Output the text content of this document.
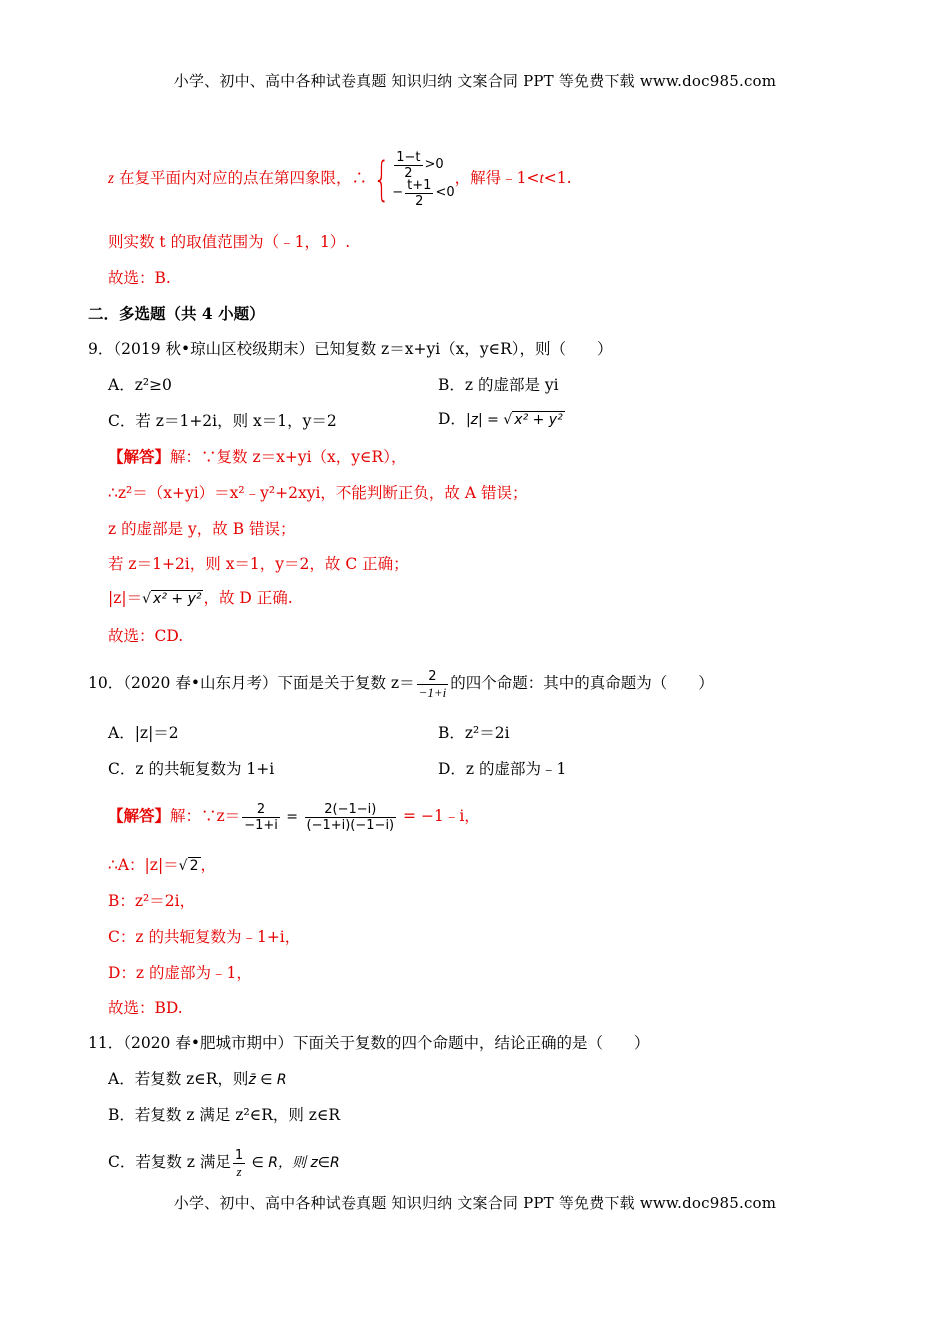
小学、初中、高中各种试卷真题 知识归纳 文案合同 PPT 等免费下载 www.doc985.com
z 在复平面内对应的点在第四象限，∴ { $\frac{1-t}{2} >0$
− $\frac{t+1}{2} <0$
，解得﹣1<t<1.
则实数 t 的取值范围为（﹣1，1）.
故选：B.
二．多选题（共 4 小题）
9．（2019 秋•琼山区校级期末）已知复数 z＝x+yi（x，y∈R），则（　　）
A．z²≥0	B．z 的虚部是 yi
C．若 z＝1+2i，则 x＝1，y＝2	D．|z| = √ x² + y²
【解答】解：∵复数 z＝x+yi（x，y∈R），
∴z²＝（x+yi）＝x²﹣y²+2xyi，不能判断正负，故 A 错误；
z 的虚部是 y，故 B 错误；
若 z＝1+2i，则 x＝1，y＝2，故 C 正确；
|z|＝√ x² + y² ，故 D 正确.
故选：CD.
10．（2020 春•山东月考）下面是关于复数 $z= \frac{2}{-1+i}$ 的四个命题：其中的真命题为（　　）
A．|z|＝2	B．z²＝2i
C．z 的共轭复数为 1+i	D．z 的虚部为﹣1
【解答】解：∵z＝ $\frac{2}{-1+i} = \frac{2(-1-i)}{(-1+i)(-1-i)}$ = −1﹣i，
∴A：|z|＝√ 2 ，
B：z²＝2i，
C：z 的共轭复数为﹣1+i，
D：z 的虚部为﹣1，
故选：BD.
11．（2020 春•肥城市期中）下面关于复数的四个命题中，结论正确的是（　　）
A．若复数 z∈R，则z̄ ∈ R
B．若复数 z 满足 z²∈R，则 z∈R
C．若复数 z 满足 $\frac{1}{z}$ ∈ R，则 z∈R
小学、初中、高中各种试卷真题 知识归纳 文案合同 PPT 等免费下载 www.doc985.com
